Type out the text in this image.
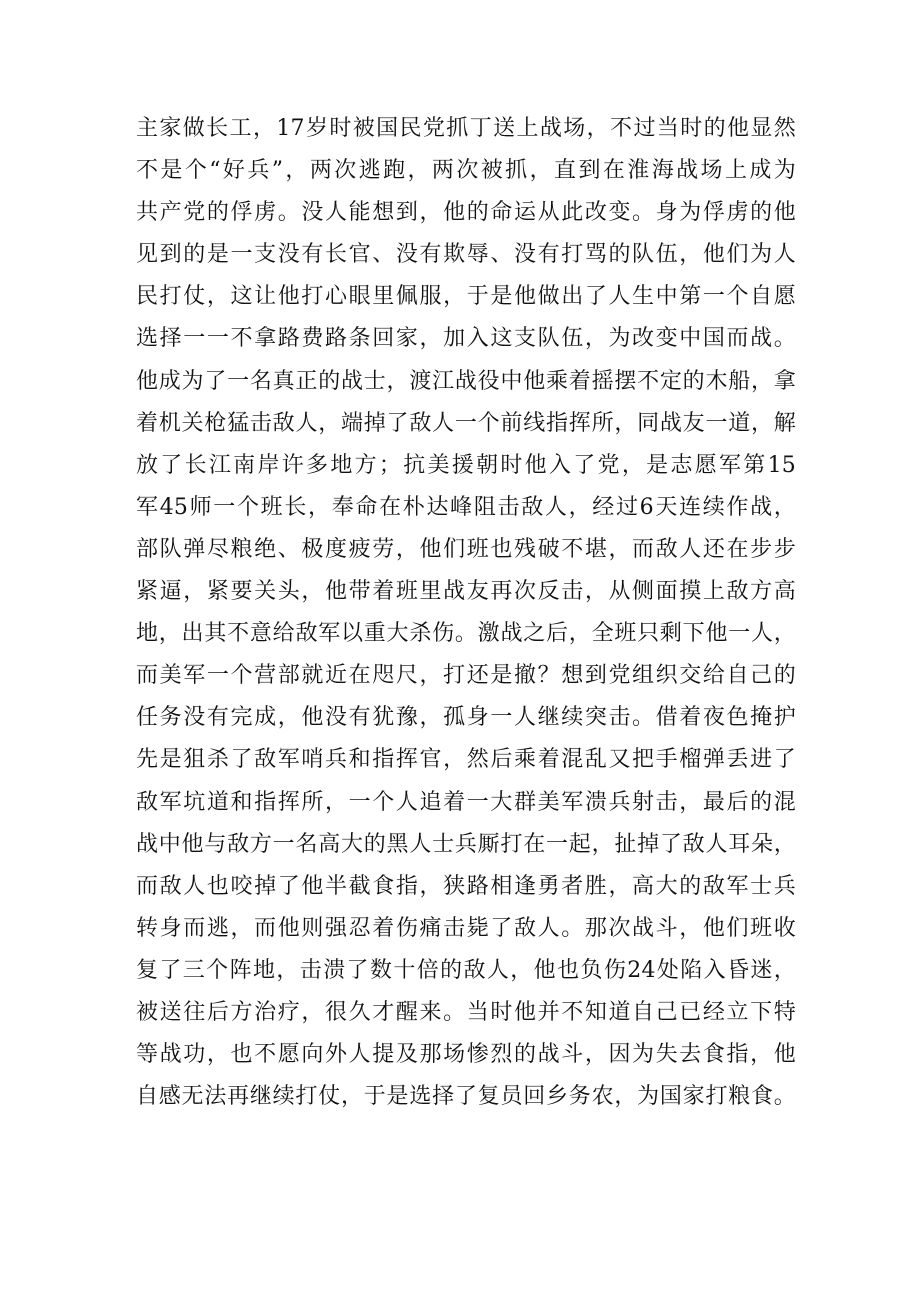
主家做长工，17岁时被国民党抓丁送上战场，不过当时的他显然
不是个“好兵”，两次逃跑，两次被抓，直到在淮海战场上成为
共产党的俘虏。没人能想到，他的命运从此改变。身为俘虏的他
见到的是一支没有长官、没有欺辱、没有打骂的队伍，他们为人
民打仗，这让他打心眼里佩服，于是他做出了人生中第一个自愿
选择一一不拿路费路条回家，加入这支队伍，为改变中国而战。
他成为了一名真正的战士，渡江战役中他乘着摇摆不定的木船，拿
着机关枪猛击敌人，端掉了敌人一个前线指挥所，同战友一道，解
放了长江南岸许多地方；抗美援朝时他入了党，是志愿军第15
军45师一个班长，奉命在朴达峰阻击敌人，经过6天连续作战，
部队弹尽粮绝、极度疲劳，他们班也残破不堪，而敌人还在步步
紧逼，紧要关头，他带着班里战友再次反击，从侧面摸上敌方高
地，出其不意给敌军以重大杀伤。激战之后，全班只剩下他一人，
而美军一个营部就近在咫尺，打还是撤？想到党组织交给自己的
任务没有完成，他没有犹豫，孤身一人继续突击。借着夜色掩护
先是狙杀了敌军哨兵和指挥官，然后乘着混乱又把手榴弹丢进了
敌军坑道和指挥所，一个人追着一大群美军溃兵射击，最后的混
战中他与敌方一名高大的黑人士兵厮打在一起，扯掉了敌人耳朵，
而敌人也咬掉了他半截食指，狭路相逢勇者胜，高大的敌军士兵
转身而逃，而他则强忍着伤痛击毙了敌人。那次战斗，他们班收
复了三个阵地，击溃了数十倍的敌人，他也负伤24处陷入昏迷，
被送往后方治疗，很久才醒来。当时他并不知道自己已经立下特
等战功，也不愿向外人提及那场惨烈的战斗，因为失去食指，他
自感无法再继续打仗，于是选择了复员回乡务农，为国家打粮食。
